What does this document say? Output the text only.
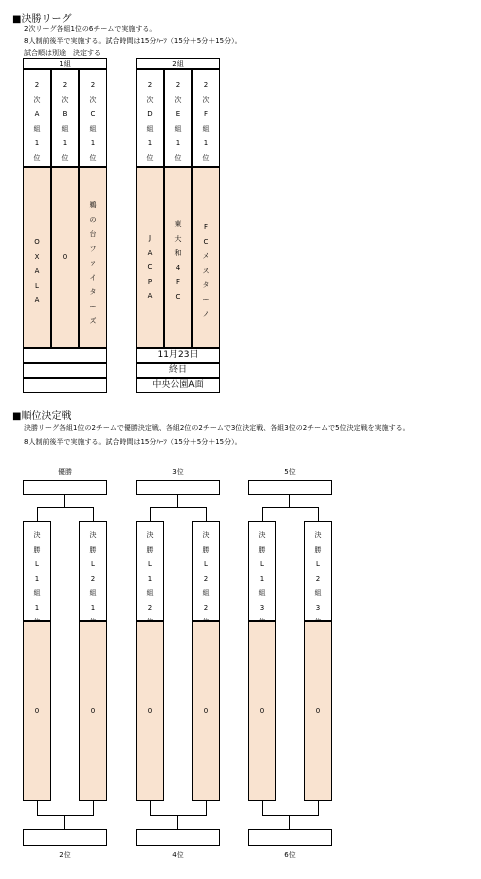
■決勝リーグ
2次リーグ各組1位の6チームで実施する。
8人制前後半で実施する。試合時間は15分ﾊｰﾌ（15分＋5分＋15分）。
試合順は別途　決定する
1組
2
次
A
組
1
位
2
次
B
組
1
位
2
次
C
組
1
位
O
X
A
L
A
0
鵜
の
台
フ
ァ
イ
タ
ー
ズ
2組
2
次
D
組
1
位
2
次
E
組
1
位
2
次
F
組
1
位
J
A
C
P
A
東
大
和
4
F
C
F
C
メ
ス
タ
ー
ノ
11月23日
終日
中央公園A面
■順位決定戦
決勝リーグ各組1位の2チームで優勝決定戦、各組2位の2チームで3位決定戦、各組3位の2チームで5位決定戦を実施する。
8人制前後半で実施する。試合時間は15分ﾊｰﾌ（15分＋5分＋15分）。
優勝
決
勝
L
1
組
1

0
決
勝
L
2
組
1

0
2位
3位
決
勝
L
1
組
2

0
決
勝
L
2
組
2

0
4位
5位
決
勝
L
1
組
3

0
決
勝
L
2
組
3

0
6位
